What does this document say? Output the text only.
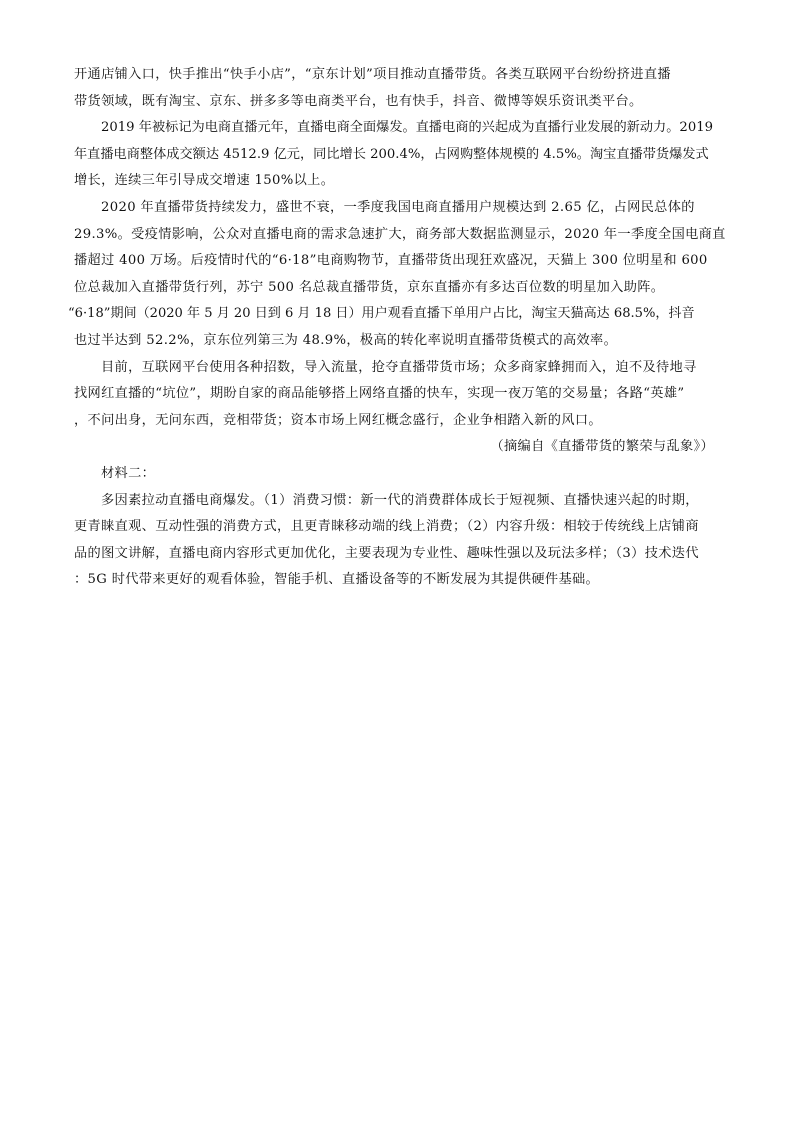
开通店铺入口，快手推出“快手小店”，“京东计划”项目推动直播带货。各类互联网平台纷纷挤进直播
带货领域，既有淘宝、京东、拼多多等电商类平台，也有快手，抖音、微博等娱乐资讯类平台。

2019 年被标记为电商直播元年，直播电商全面爆发。直播电商的兴起成为直播行业发展的新动力。2019
年直播电商整体成交额达 4512.9 亿元，同比增长 200.4%，占网购整体规模的 4.5%。淘宝直播带货爆发式
增长，连续三年引导成交增速 150%以上。

2020 年直播带货持续发力，盛世不衰，一季度我国电商直播用户规模达到 2.65 亿，占网民总体的
29.3%。受疫情影响，公众对直播电商的需求急速扩大，商务部大数据监测显示，2020 年一季度全国电商直
播超过 400 万场。后疫情时代的“6·18”电商购物节，直播带货出现狂欢盛况，天猫上 300 位明星和 600
位总裁加入直播带货行列，苏宁 500 名总裁直播带货，京东直播亦有多达百位数的明星加入助阵。

“6·18”期间（2020 年 5 月 20 日到 6 月 18 日）用户观看直播下单用户占比，淘宝天猫高达 68.5%，抖音
也过半达到 52.2%，京东位列第三为 48.9%，极高的转化率说明直播带货模式的高效率。

目前，互联网平台使用各种招数，导入流量，抢夺直播带货市场；众多商家蜂拥而入，迫不及待地寻
找网红直播的“坑位”，期盼自家的商品能够搭上网络直播的快车，实现一夜万笔的交易量；各路“英雄”
，不问出身，无问东西，竞相带货；资本市场上网红概念盛行，企业争相踏入新的风口。

（摘编自《直播带货的繁荣与乱象》）

材料二：

多因素拉动直播电商爆发。（1）消费习惯：新一代的消费群体成长于短视频、直播快速兴起的时期，
更青睐直观、互动性强的消费方式，且更青睐移动端的线上消费；（2）内容升级：相较于传统线上店铺商
品的图文讲解，直播电商内容形式更加优化，主要表现为专业性、趣味性强以及玩法多样；（3）技术迭代
：5G 时代带来更好的观看体验，智能手机、直播设备等的不断发展为其提供硬件基础。
